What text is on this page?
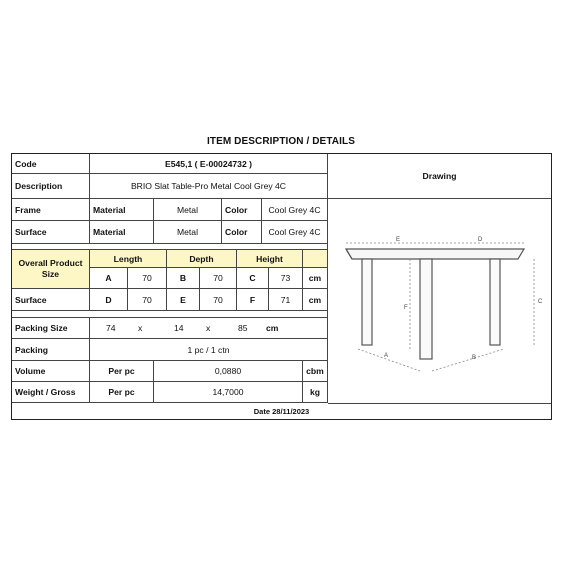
ITEM DESCRIPTION / DETAILS
Code	E545,1 ( E-00024732 )
Description	BRIO Slat Table-Pro Metal Cool Grey 4C
Drawing
E	D
C
F
A	B
Frame	Material	Metal	Color	Cool Grey 4C
Surface	Material	Metal	Color	Cool Grey 4C
Overall Product Size
Length	Depth	Height
A	70	B	70	C	73	cm
Surface	D	70	E	70	F	71	cm
Packing Size	74	x	14	x	85 cm
Packing	1 pc / 1 ctn
Volume	Per pc	0,0880	cbm
Weight / Gross	Per pc	14,7000	kg
Date 28/11/2023
